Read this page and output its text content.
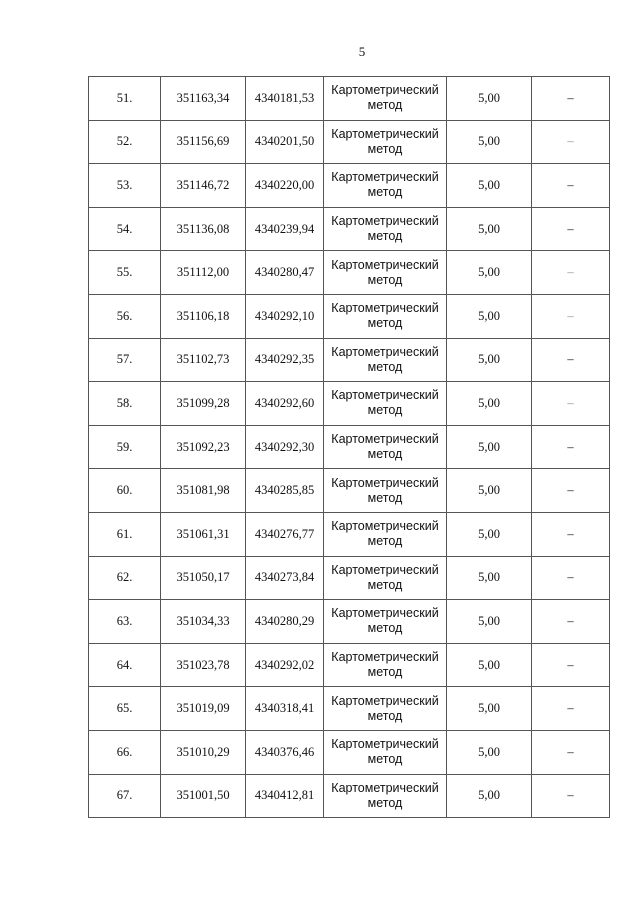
5
51.	351163,34	4340181,53	Картометрический метод	5,00	–
52.	351156,69	4340201,50	Картометрический метод	5,00	–
53.	351146,72	4340220,00	Картометрический метод	5,00	–
54.	351136,08	4340239,94	Картометрический метод	5,00	–
55.	351112,00	4340280,47	Картометрический метод	5,00	–
56.	351106,18	4340292,10	Картометрический метод	5,00	–
57.	351102,73	4340292,35	Картометрический метод	5,00	–
58.	351099,28	4340292,60	Картометрический метод	5,00	–
59.	351092,23	4340292,30	Картометрический метод	5,00	–
60.	351081,98	4340285,85	Картометрический метод	5,00	–
61.	351061,31	4340276,77	Картометрический метод	5,00	–
62.	351050,17	4340273,84	Картометрический метод	5,00	–
63.	351034,33	4340280,29	Картометрический метод	5,00	–
64.	351023,78	4340292,02	Картометрический метод	5,00	–
65.	351019,09	4340318,41	Картометрический метод	5,00	–
66.	351010,29	4340376,46	Картометрический метод	5,00	–
67.	351001,50	4340412,81	Картометрический метод	5,00	–
